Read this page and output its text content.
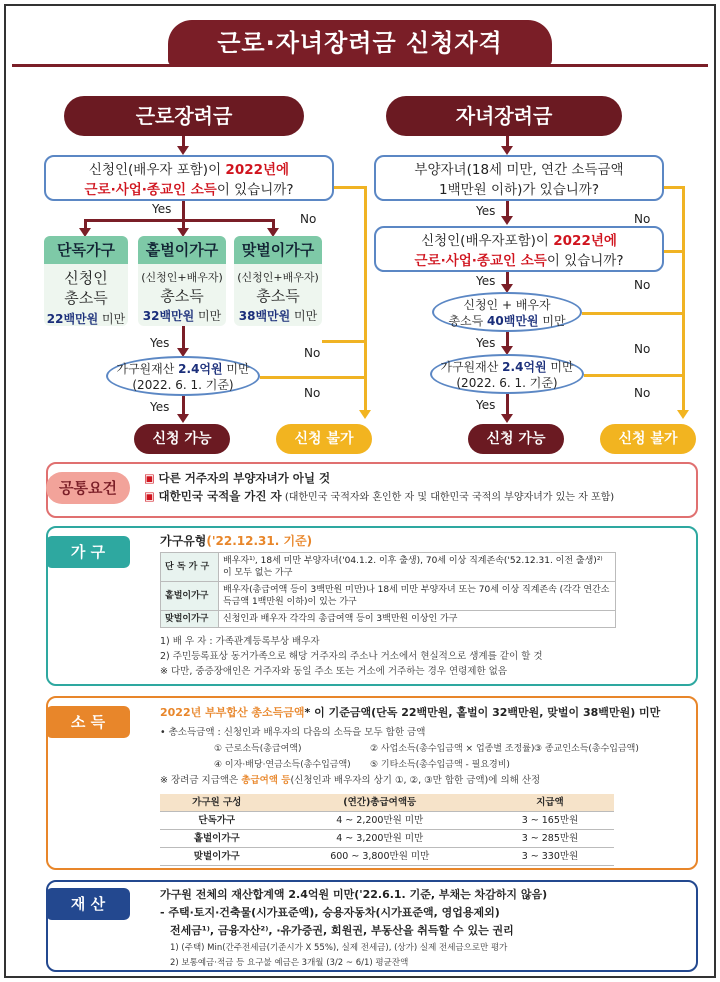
근로·자녀장려금 신청자격
근로장려금
신청인(배우자 포함)이 2022년에
근로·사업·종교인 소득이 있습니까?
Yes
No
단독가구
신청인
총소득
22백만원 미만
홑벌이가구
(신청인+배우자)
총소득
32백만원 미만
맞벌이가구
(신청인+배우자)
총소득
38백만원 미만
Yes
No
가구원재산 2.4억원 미만
(2022. 6. 1. 기준)
No
Yes
신청 가능	신청 불가
자녀장려금
부양자녀(18세 미만, 연간 소득금액
1백만원 이하)가 있습니까?
Yes
No
신청인(배우자포함)이 2022년에
근로·사업·종교인 소득이 있습니까?
No
Yes
신청인 + 배우자
총소득 40백만원 미만
No
Yes
가구원재산 2.4억원 미만
(2022. 6. 1. 기준)
No
Yes
신청 가능	신청 불가
공통요건
▣ 다른 거주자의 부양자녀가 아닐 것
▣ 대한민국 국적을 가진 자 (대한민국 국적자와 혼인한 자 및 대한민국 국적의 부양자녀가 있는 자 포함)
가 구
가구유형('22.12.31. 기준)
단 독 가 구	배우자¹⁾, 18세 미만 부양자녀('04.1.2. 이후 출생), 70세 이상 직계존속('52.12.31. 이전 출생)²⁾이 모두 없는 가구
홑벌이가구	배우자(총급여액 등이 3백만원 미만)나 18세 미만 부양자녀 또는 70세 이상 직계존속 (각각 연간소득금액 1백만원 이하)이 있는 가구
맞벌이가구	신청인과 배우자 각각의 총급여액 등이 3백만원 이상인 가구
1) 배 우 자 : 가족관계등록부상 배우자
2) 주민등록표상 동거가족으로 해당 거주자의 주소나 거소에서 현실적으로 생계를 같이 할 것
※ 다만, 중증장애인은 거주자와 동일 주소 또는 거소에 거주하는 경우 연령제한 없음
소 득
2022년 부부합산 총소득금액* 이 기준금액(단독 22백만원, 홑벌이 32백만원, 맞벌이 38백만원) 미만
• 총소득금액 : 신청인과 배우자의 다음의 소득을 모두 합한 금액
① 근로소득(총급여액)	② 사업소득(총수입금액 × 업종별 조정률) ③ 종교인소득(총수입금액)
④ 이자·배당·연금소득(총수입금액) ⑤ 기타소득(총수입금액 - 필요경비)
※ 장려금 지급액은 총급여액 등(신청인과 배우자의 상기 ①, ②, ③만 합한 금액)에 의해 산정
가구원 구성	(연간)총급여액등	지급액
단독가구	4 ~ 2,200만원 미만	3 ~ 165만원
홑벌이가구	4 ~ 3,200만원 미만	3 ~ 285만원
맞벌이가구	600 ~ 3,800만원 미만	3 ~ 330만원
재 산
가구원 전체의 재산합계액 2.4억원 미만('22.6.1. 기준, 부채는 차감하지 않음)
- 주택·토지·건축물(시가표준액), 승용자동차(시가표준액, 영업용제외)
전세금¹⁾, 금융자산²⁾, ·유가증권, 회원권, 부동산을 취득할 수 있는 권리
1) (주택) Min(간주전세금(기준시가 X 55%), 실제 전세금), (상가) 실제 전세금으로만 평가
2) 보통예금·적금 등 요구불 예금은 3개월 (3/2 ~ 6/1) 평균잔액
